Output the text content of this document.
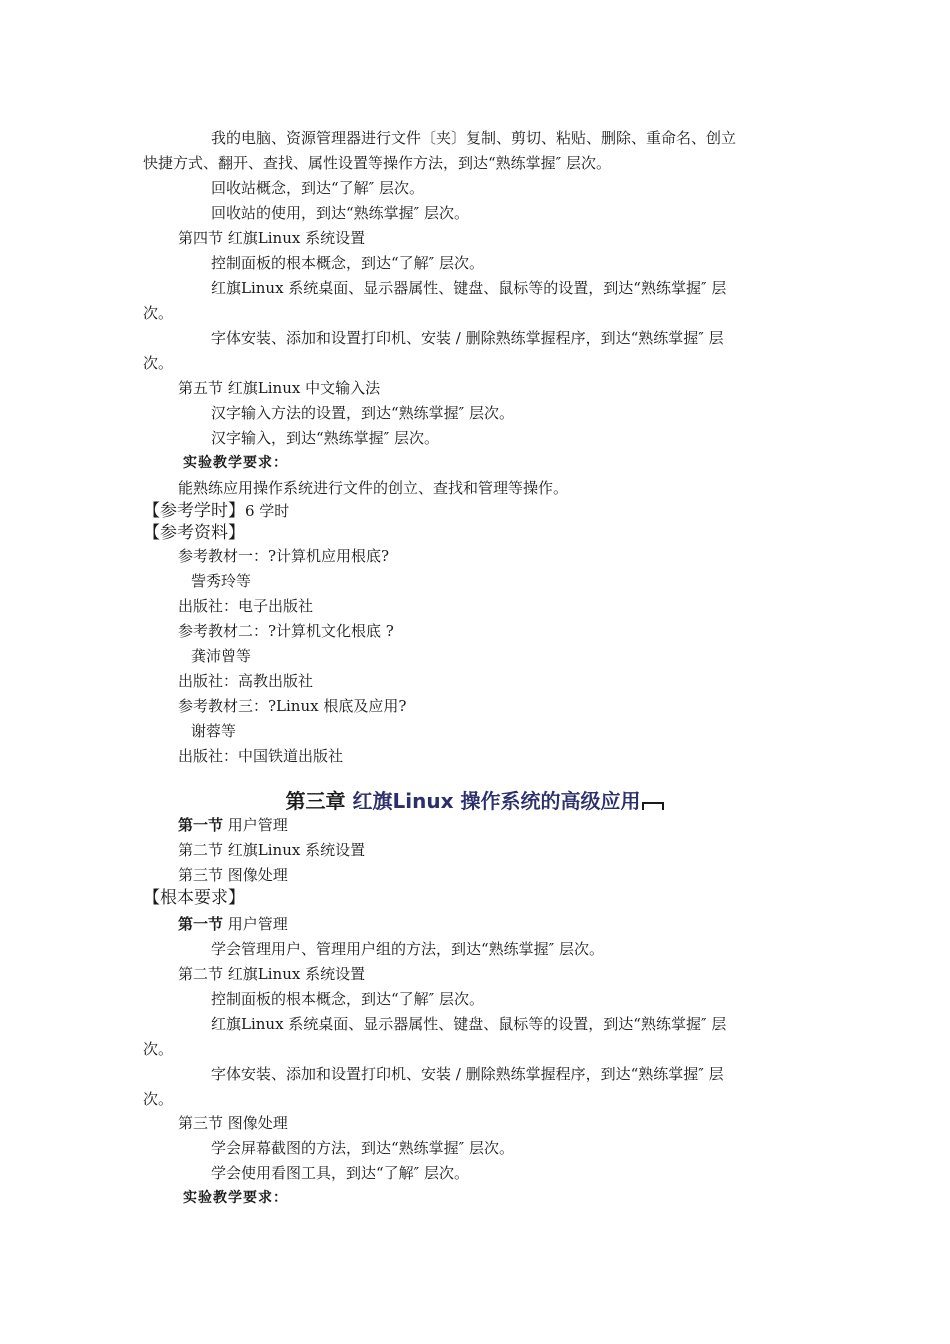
我的电脑、资源管理器进行文件〔夹〕复制、剪切、粘贴、删除、重命名、创立
快捷方式、翻开、查找、属性设置等操作方法，到达“熟练掌握″ 层次。
回收站概念，到达“了解″ 层次。
回收站的使用，到达“熟练掌握″ 层次。
第四节 红旗Linux 系统设置
控制面板的根本概念，到达“了解″ 层次。
红旗Linux 系统桌面、显示器属性、键盘、鼠标等的设置，到达“熟练掌握″ 层
次。
字体安装、添加和设置打印机、安装 / 删除熟练掌握程序，到达“熟练掌握″ 层
次。
第五节 红旗Linux 中文输入法
汉字输入方法的设置，到达“熟练掌握″ 层次。
汉字输入，到达“熟练掌握″ 层次。
实验教学要求：
能熟练应用操作系统进行文件的创立、查找和管理等操作。
【参考学时】6 学时
【参考资料】
参考教材一：?计算机应用根底?
訾秀玲等
出版社：电子出版社
参考教材二：?计算机文化根底 ?
龚沛曾等
出版社：高教出版社
参考教材三：?Linux 根底及应用?
谢蓉等
出版社：中国铁道出版社
第三章 红旗Linux 操作系统的高级应用
第一节 用户管理
第二节 红旗Linux 系统设置
第三节 图像处理
【根本要求】
第一节 用户管理
学会管理用户、管理用户组的方法，到达“熟练掌握″ 层次。
第二节 红旗Linux 系统设置
控制面板的根本概念，到达“了解″ 层次。
红旗Linux 系统桌面、显示器属性、键盘、鼠标等的设置，到达“熟练掌握″ 层
次。
字体安装、添加和设置打印机、安装 / 删除熟练掌握程序，到达“熟练掌握″ 层
次。
第三节 图像处理
学会屏幕截图的方法，到达“熟练掌握″ 层次。
学会使用看图工具，到达“了解″ 层次。
实验教学要求：
